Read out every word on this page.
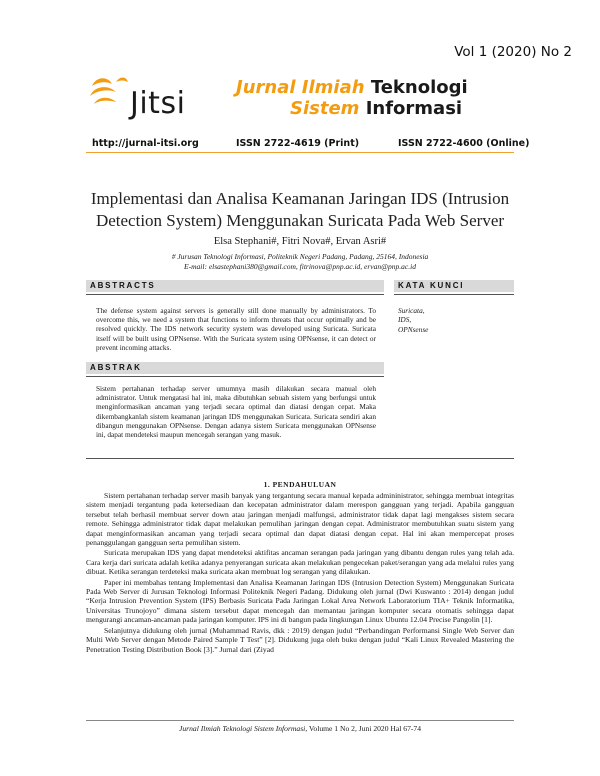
Vol 1 (2020) No 2
Jitsi	Jurnal Ilmiah Teknologi
Sistem Informasi
http://jurnal-itsi.org	ISSN 2722-4619 (Print)	ISSN 2722-4600 (Online)
Implementasi dan Analisa Keamanan Jaringan IDS (Intrusion Detection System) Menggunakan Suricata Pada Web Server
Elsa Stephani#, Fitri Nova#, Ervan Asri#
# Jurusan Teknologi Informasi, Politeknik Negeri Padang, Padang, 25164, Indonesia
E-mail: elsastephani380@gmail.com, fitrinova@pnp.ac.id, ervan@pnp.ac.id
ABSTRACTS	KATA KUNCI
The defense system against servers is generally still done manually by administrators. To overcome this, we need a system that functions to inform threats that occur optimally and be resolved quickly. The IDS network security system was developed using Suricata. Suricata itself will be built using OPNsense. With the Suricata system using OPNsense, it can detect or prevent incoming attacks.
Suricata,
IDS,
OPNsense
ABSTRAK
Sistem pertahanan terhadap server umumnya masih dilakukan secara manual oleh administrator. Untuk mengatasi hal ini, maka dibutuhkan sebuah sistem yang berfungsi untuk menginformasikan ancaman yang terjadi secara optimal dan diatasi dengan cepat. Maka dikembangkanlah sistem keamanan jaringan IDS menggunakan Suricata. Suricata sendiri akan dibangun menggunakan OPNsense. Dengan adanya sistem Suricata menggunakan OPNsense ini, dapat mendeteksi maupun mencegah serangan yang masuk.
1. PENDAHULUAN

Sistem pertahanan terhadap server masih banyak yang tergantung secara manual kepada admininistrator, sehingga membuat integritas sistem menjadi tergantung pada ketersediaan dan kecepatan administrator dalam merespon gangguan yang terjadi. Apabila gangguan tersebut telah berhasil membuat server down atau jaringan menjadi malfungsi, administrator tidak dapat lagi mengakses sistem secara remote. Sehingga administrator tidak dapat melakukan pemulihan jaringan dengan cepat. Administrator membutuhkan suatu sistem yang dapat menginformasikan ancaman yang terjadi secara optimal dan dapat diatasi dengan cepat. Hal ini akan mempercepat proses penanggulangan gangguan serta pemulihan sistem.

Suricata merupakan IDS yang dapat mendeteksi aktifitas ancaman serangan pada jaringan yang dibantu dengan rules yang telah ada. Cara kerja dari suricata adalah ketika adanya penyerangan suricata akan melakukan pengecekan paket/serangan yang ada melalui rules yang dibuat. Ketika serangan terdeteksi maka suricata akan membuat log serangan yang dilakukan.

Paper ini membahas tentang Implementasi dan Analisa Keamanan Jaringan IDS (Intrusion Detection System) Menggunakan Suricata Pada Web Server di Jurusan Teknologi Informasi Politeknik Negeri Padang. Didukung oleh jurnal (Dwi Kuswanto : 2014) dengan judul “Kerja Intrusion Prevention System (IPS) Berbasis Suricata Pada Jaringan Lokal Area Network Laboratorium TIA+ Teknik Informatika, Universitas Trunojoyo” dimana sistem tersebut dapat mencegah dan memantau jaringan komputer secara otomatis sehingga dapat mengurangi ancaman-ancaman pada jaringan komputer. IPS ini di bangun pada lingkungan Linux Ubuntu 12.04 Precise Pangolin [1].

Selanjutnya didukung oleh jurnal (Muhammad Ravis, dkk : 2019) dengan judul “Perbandingan Performansi Single Web Server dan Multi Web Server dengan Metode Paired Sample T Test” [2]. Didukung juga oleh buku dengan judul “Kali Linux Revealed Mastering the Penetration Testing Distribution Book [3].” Jurnal dari (Ziyad

Jurnal Ilmiah Teknologi Sistem Informasi, Volume 1 No 2, Juni 2020 Hal 67-74
